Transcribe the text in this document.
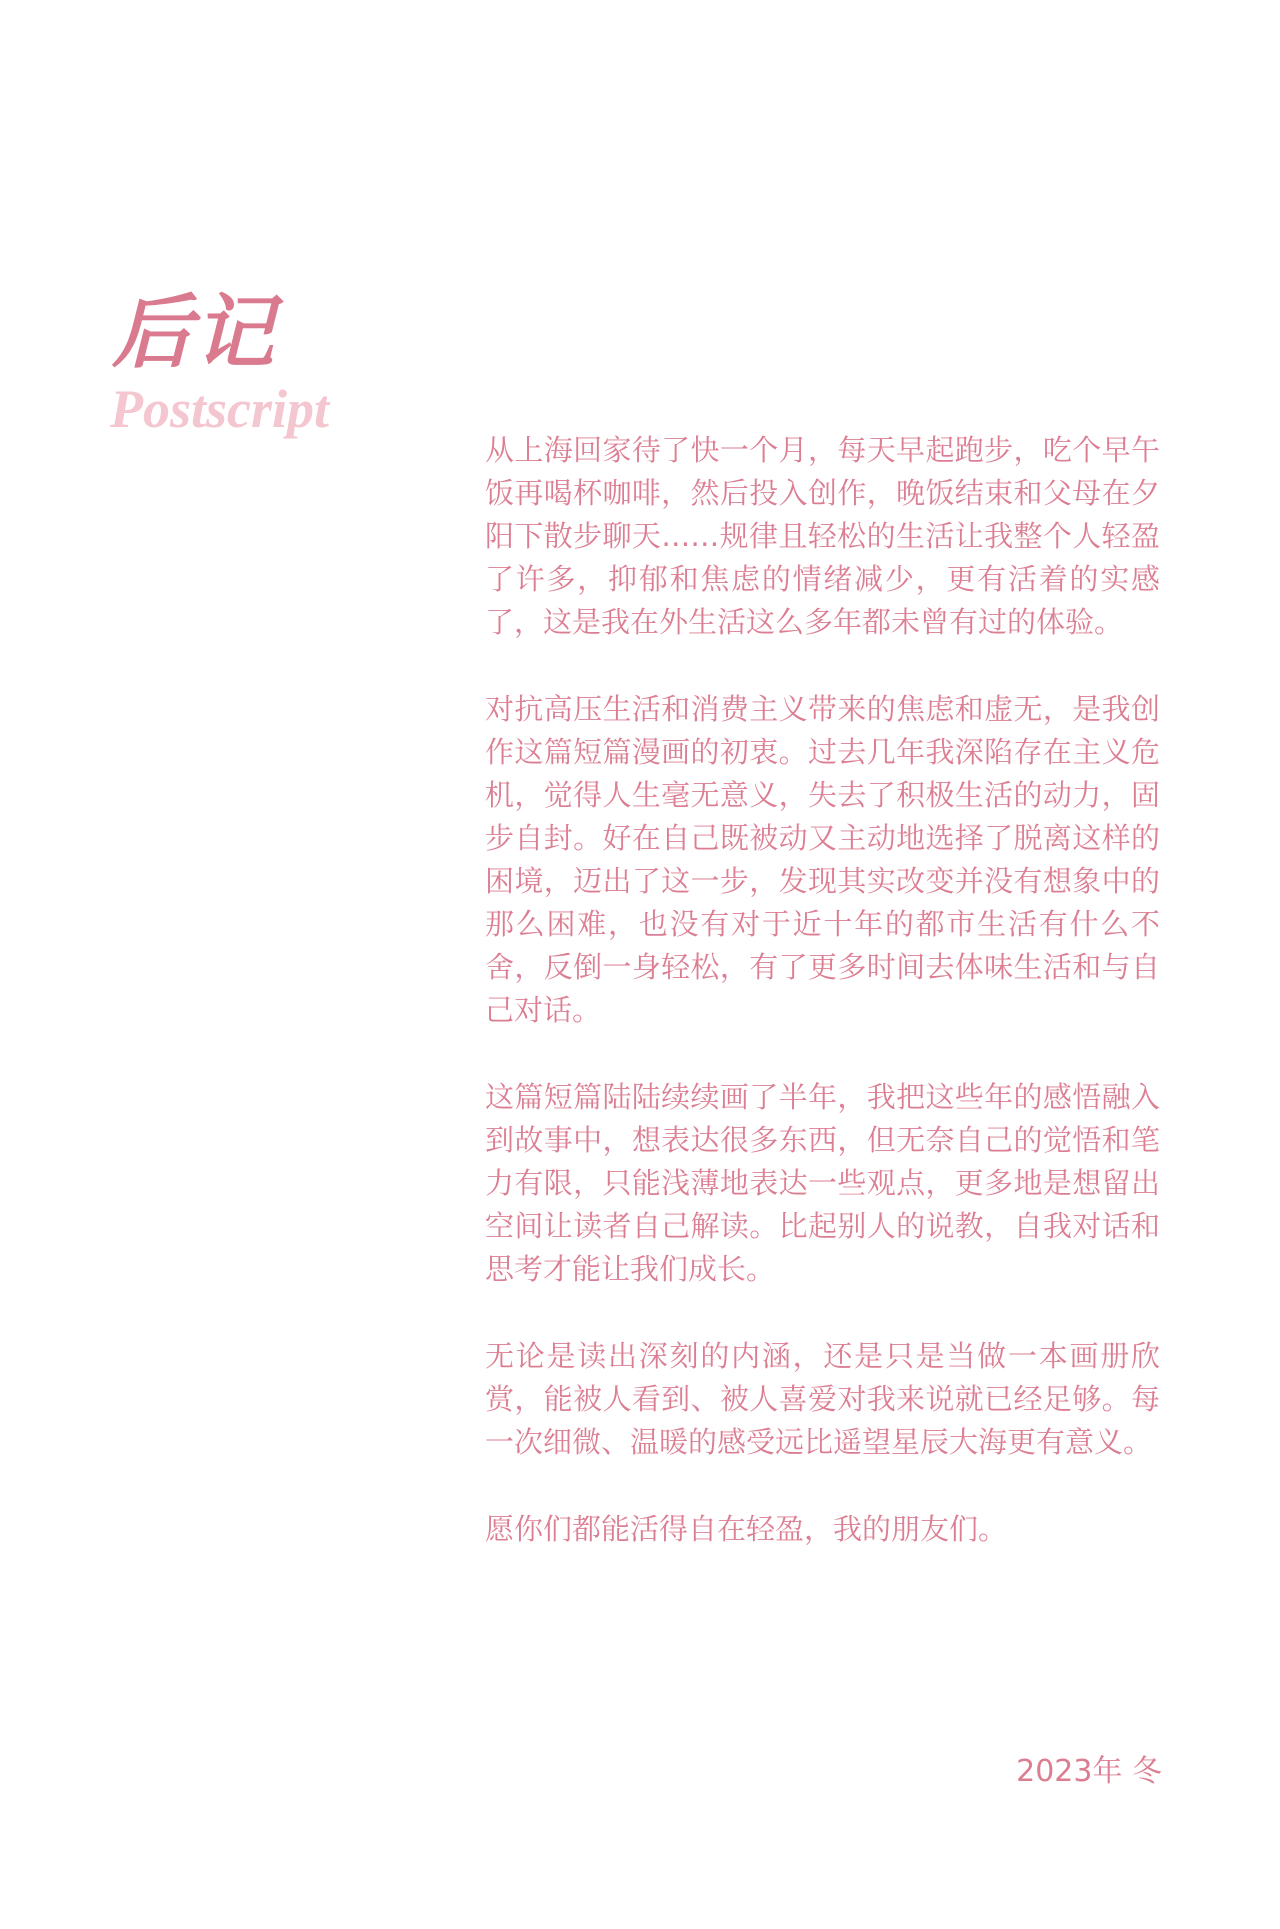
后记
Postscript

从上海回家待了快一个月，每天早起跑步，吃个早午饭再喝杯咖啡，然后投入创作，晚饭结束和父母在夕阳下散步聊天……规律且轻松的生活让我整个人轻盈了许多，抑郁和焦虑的情绪减少，更有活着的实感了，这是我在外生活这么多年都未曾有过的体验。

对抗高压生活和消费主义带来的焦虑和虚无，是我创作这篇短篇漫画的初衷。过去几年我深陷存在主义危机，觉得人生毫无意义，失去了积极生活的动力，固步自封。好在自己既被动又主动地选择了脱离这样的困境，迈出了这一步，发现其实改变并没有想象中的那么困难，也没有对于近十年的都市生活有什么不舍，反倒一身轻松，有了更多时间去体味生活和与自己对话。

这篇短篇陆陆续续画了半年，我把这些年的感悟融入到故事中，想表达很多东西，但无奈自己的觉悟和笔力有限，只能浅薄地表达一些观点，更多地是想留出空间让读者自己解读。比起别人的说教，自我对话和思考才能让我们成长。

无论是读出深刻的内涵，还是只是当做一本画册欣赏，能被人看到、被人喜爱对我来说就已经足够。每一次细微、温暖的感受远比遥望星辰大海更有意义。

愿你们都能活得自在轻盈，我的朋友们。

2023年 冬
